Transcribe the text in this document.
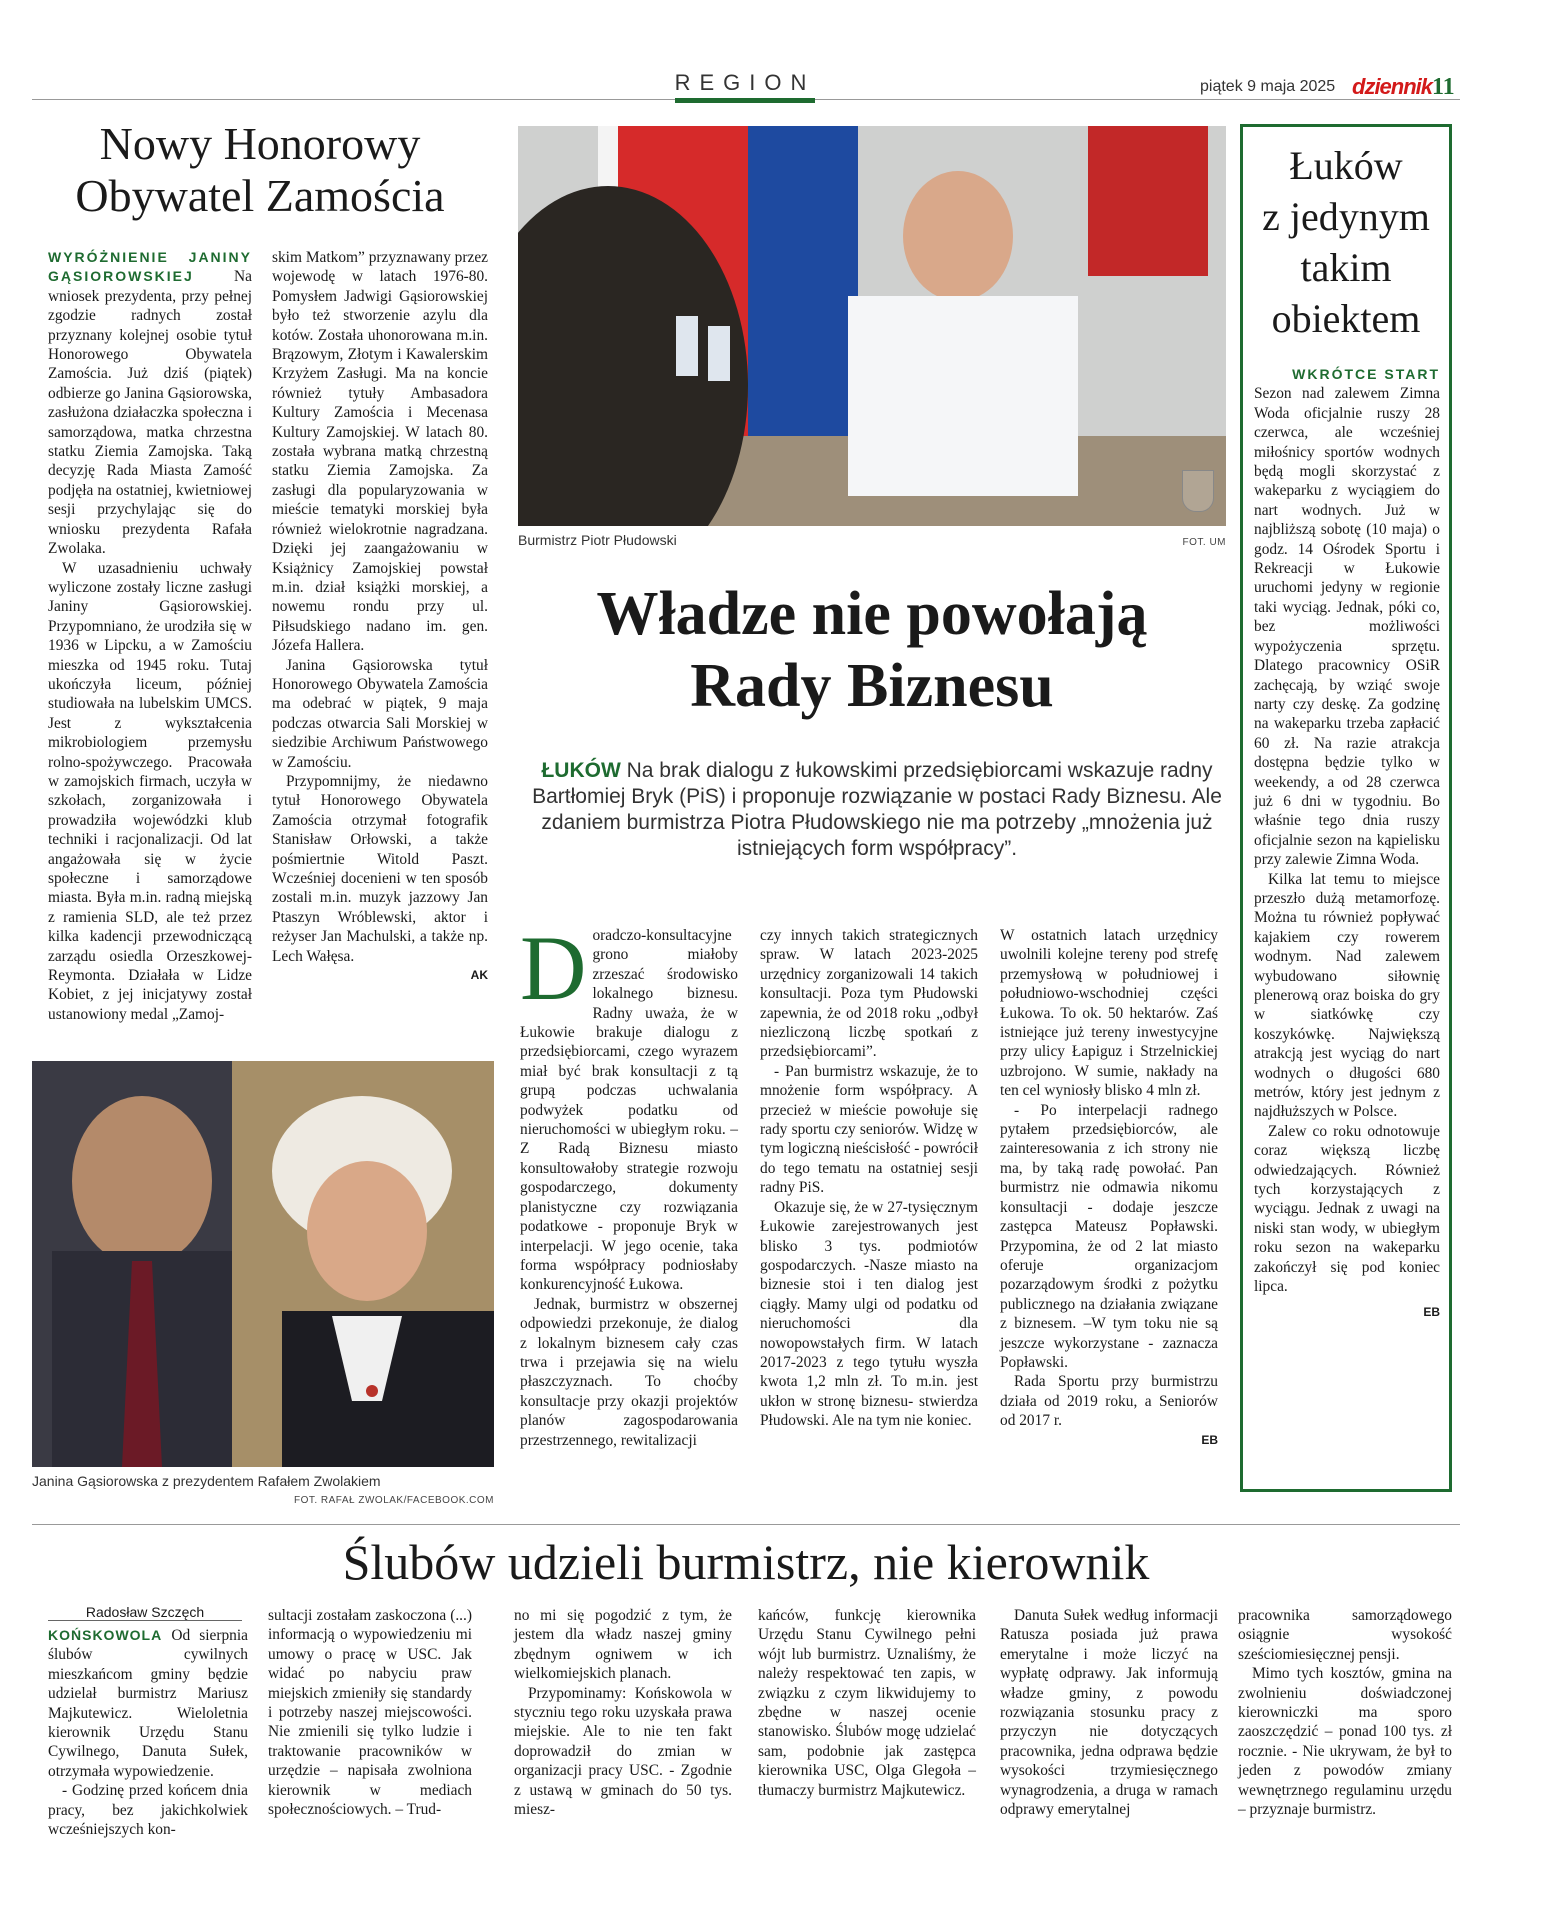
REGION	piątek 9 maja 2025 dziennik 11
Nowy Honorowy
Obywatel Zamościa

WYRÓŻNIENIE JANINY GĄSIOROWSKIEJ	Na wniosek prezydenta, przy pełnej zgodzie radnych został przyznany kolejnej osobie tytuł Honorowego Obywatela Zamościa. Już dziś (piątek) odbierze go Janina Gąsiorowska, zasłużona działaczka społeczna i samorządowa, matka chrzestna statku Ziemia Zamojska. Taką decyzję Rada Miasta Zamość podjęła na ostatniej, kwietniowej sesji przychylając się do wniosku prezydenta Rafała Zwolaka.

W uzasadnieniu uchwały wyliczone zostały liczne zasługi Janiny Gąsiorowskiej. Przypomniano, że urodziła się w 1936 w Lipcku, a w Zamościu mieszka od 1945 roku. Tutaj ukończyła liceum, później studiowała na lubelskim UMCS. Jest z wykształcenia mikrobiologiem przemysłu rolno-spożywczego. Pracowała w zamojskich firmach, uczyła w szkołach, zorganizowała i prowadziła wojewódzki klub techniki i racjonalizacji. Od lat angażowała się w życie społeczne i samorządowe miasta. Była m.in. radną miejską z ramienia SLD, ale też przez kilka kadencji przewodniczącą zarządu osiedla Orzeszkowej-Reymonta. Działała w Lidze Kobiet, z jej inicjatywy został ustanowiony medal „Zamoj-

skim Matkom” przyznawany przez wojewodę w latach 1976-80. Pomysłem Jadwigi Gąsiorowskiej było też stworzenie azylu dla kotów. Została uhonorowana m.in. Brązowym, Złotym i Kawalerskim Krzyżem Zasługi. Ma na koncie również tytuły Ambasadora Kultury Zamościa i Mecenasa Kultury Zamojskiej. W latach 80. została wybrana matką chrzestną statku Ziemia Zamojska. Za zasługi dla popularyzowania w mieście tematyki morskiej była również wielokrotnie nagradzana. Dzięki jej zaangażowaniu w Książnicy Zamojskiej powstał m.in. dział książki morskiej, a nowemu rondu przy ul. Piłsudskiego nadano im. gen. Józefa Hallera.

Janina Gąsiorowska tytuł Honorowego Obywatela Zamościa ma odebrać w piątek, 9 maja podczas otwarcia Sali Morskiej w siedzibie Archiwum Państwowego w Zamościu.

Przypomnijmy, że niedawno tytuł Honorowego Obywatela Zamościa otrzymał fotografik Stanisław Orłowski, a także pośmiertnie Witold Paszt. Wcześniej docenieni w ten sposób zostali m.in. muzyk jazzowy Jan Ptaszyn Wróblewski, aktor i reżyser Jan Machulski, a także np. Lech Wałęsa.

AK
Janina Gąsiorowska z prezydentem Rafałem Zwolakiem
FOT. RAFAŁ ZWOLAK/FACEBOOK.COM
Burmistrz Piotr Płudowski	FOT. UM
Władze nie powołają
Rady Biznesu
ŁUKÓW Na brak dialogu z łukowskimi przedsiębiorcami wskazuje radny Bartłomiej Bryk (PiS) i proponuje rozwiązanie w postaci Rady Biznesu. Ale zdaniem burmistrza Piotra Płudowskiego nie ma potrzeby „mnożenia już istniejących form współpracy”.
D oradczo-konsultacyjne grono miałoby zrzeszać środowisko lokalnego biznesu. Radny uważa, że w Łukowie brakuje dialogu z przedsiębiorcami, czego wyrazem miał być brak konsultacji z tą grupą podczas uchwalania podwyżek podatku od nieruchomości w ubiegłym roku. – Z Radą Biznesu miasto konsultowałoby strategie rozwoju gospodarczego, dokumenty planistyczne czy rozwiązania podatkowe - proponuje Bryk w interpelacji. W jego ocenie, taka forma współpracy podniosłaby konkurencyjność Łukowa.

Jednak, burmistrz w obszernej odpowiedzi przekonuje, że dialog z lokalnym biznesem cały czas trwa i przejawia się na wielu płaszczyznach. To choćby konsultacje przy okazji projektów planów zagospodarowania przestrzennego, rewitalizacji

czy innych takich strategicznych spraw. W latach 2023-2025 urzędnicy zorganizowali 14 takich konsultacji. Poza tym Płudowski zapewnia, że od 2018 roku „odbył niezliczoną liczbę spotkań z przedsiębiorcami”.

- Pan burmistrz wskazuje, że to mnożenie form współpracy. A przecież w mieście powołuje się rady sportu czy seniorów. Widzę w tym logiczną nieścisłość - powrócił do tego tematu na ostatniej sesji radny PiS.

Okazuje się, że w 27-tysięcznym Łukowie zarejestrowanych jest blisko 3 tys. podmiotów gospodarczych. -Nasze miasto na biznesie stoi i ten dialog jest ciągły. Mamy ulgi od podatku od nieruchomości dla nowopowstałych firm. W latach 2017-2023 z tego tytułu wyszła kwota 1,2 mln zł. To m.in. jest ukłon w stronę biznesu- stwierdza Płudowski. Ale na tym nie koniec.

W ostatnich latach urzędnicy uwolnili kolejne tereny pod strefę przemysłową w południowej i południowo-wschodniej części Łukowa. To ok. 50 hektarów. Zaś istniejące już tereny inwestycyjne przy ulicy Łapiguz i Strzelnickiej uzbrojono. W sumie, nakłady na ten cel wyniosły blisko 4 mln zł.

- Po interpelacji radnego pytałem przedsiębiorców, ale zainteresowania z ich strony nie ma, by taką radę powołać. Pan burmistrz nie odmawia nikomu konsultacji - dodaje jeszcze zastępca Mateusz Popławski. Przypomina, że od 2 lat miasto oferuje organizacjom pozarządowym środki z pożytku publicznego na działania związane z biznesem. –W tym toku nie są jeszcze wykorzystane - zaznacza Popławski.

Rada Sportu przy burmistrzu działa od 2019 roku, a Seniorów od 2017 r.

EB
Łuków
z jedynym
takim
obiektem
WKRÓTCE START

Sezon nad zalewem Zimna Woda oficjalnie ruszy 28 czerwca, ale wcześniej miłośnicy sportów wodnych będą mogli skorzystać z wakeparku z wyciągiem do nart wodnych. Już w najbliższą sobotę (10 maja) o godz. 14 Ośrodek Sportu i Rekreacji w Łukowie uruchomi jedyny w regionie taki wyciąg. Jednak, póki co, bez możliwości wypożyczenia sprzętu. Dlatego pracownicy OSiR zachęcają, by wziąć swoje narty czy deskę. Za godzinę na wakeparku trzeba zapłacić 60 zł. Na razie atrakcja dostępna będzie tylko w weekendy, a od 28 czerwca już 6 dni w tygodniu. Bo właśnie tego dnia ruszy oficjalnie sezon na kąpielisku przy zalewie Zimna Woda.

Kilka lat temu to miejsce przeszło dużą metamorfozę. Można tu również popływać kajakiem czy rowerem wodnym. Nad zalewem wybudowano siłownię plenerową oraz boiska do gry w siatkówkę czy koszykówkę. Największą atrakcją jest wyciąg do nart wodnych o długości 680 metrów, który jest jednym z najdłuższych w Polsce.

Zalew co roku odnotowuje coraz większą liczbę odwiedzających. Również tych korzystających z wyciągu. Jednak z uwagi na niski stan wody, w ubiegłym roku sezon na wakeparku zakończył się pod koniec lipca.

EB
Ślubów udzieli burmistrz, nie kierownik
Radosław Szczęch

KOŃSKOWOLA Od sierpnia ślubów cywilnych mieszkańcom gminy będzie udzielał burmistrz Mariusz Majkutewicz. Wieloletnia kierownik Urzędu Stanu Cywilnego, Danuta Sułek, otrzymała wypowiedzenie.

- Godzinę przed końcem dnia pracy, bez jakichkolwiek wcześniejszych kon-

sultacji zostałam zaskoczona (...) informacją o wypowiedzeniu mi umowy o pracę w USC. Jak widać po nabyciu praw miejskich zmieniły się standardy i potrzeby naszej miejscowości. Nie zmienili się tylko ludzie i traktowanie pracowników w urzędzie – napisała zwolniona kierownik w mediach społecznościowych. – Trud-

no mi się pogodzić z tym, że jestem dla władz naszej gminy zbędnym ogniwem w ich wielkomiejskich planach.

Przypominamy: Końskowola w styczniu tego roku uzyskała prawa miejskie. Ale to nie ten fakt doprowadził do zmian w organizacji pracy USC. - Zgodnie z ustawą w gminach do 50 tys. miesz-

kańców, funkcję kierownika Urzędu Stanu Cywilnego pełni wójt lub burmistrz. Uznaliśmy, że należy respektować ten zapis, w związku z czym likwidujemy to zbędne w naszej ocenie stanowisko. Ślubów mogę udzielać sam, podobnie jak zastępca kierownika USC, Olga Glegoła – tłumaczy burmistrz Majkutewicz.

Danuta Sułek według informacji Ratusza posiada już prawa emerytalne i może liczyć na wypłatę odprawy. Jak informują władze gminy, z powodu rozwiązania stosunku pracy z przyczyn nie dotyczących pracownika, jedna odprawa będzie wysokości trzymiesięcznego wynagrodzenia, a druga w ramach odprawy emerytalnej

pracownika samorządowego osiągnie wysokość sześciomiesięcznej pensji.

Mimo tych kosztów, gmina na zwolnieniu doświadczonej kierowniczki ma sporo zaoszczędzić – ponad 100 tys. zł rocznie. - Nie ukrywam, że był to jeden z powodów zmiany wewnętrznego regulaminu urzędu – przyznaje burmistrz.
